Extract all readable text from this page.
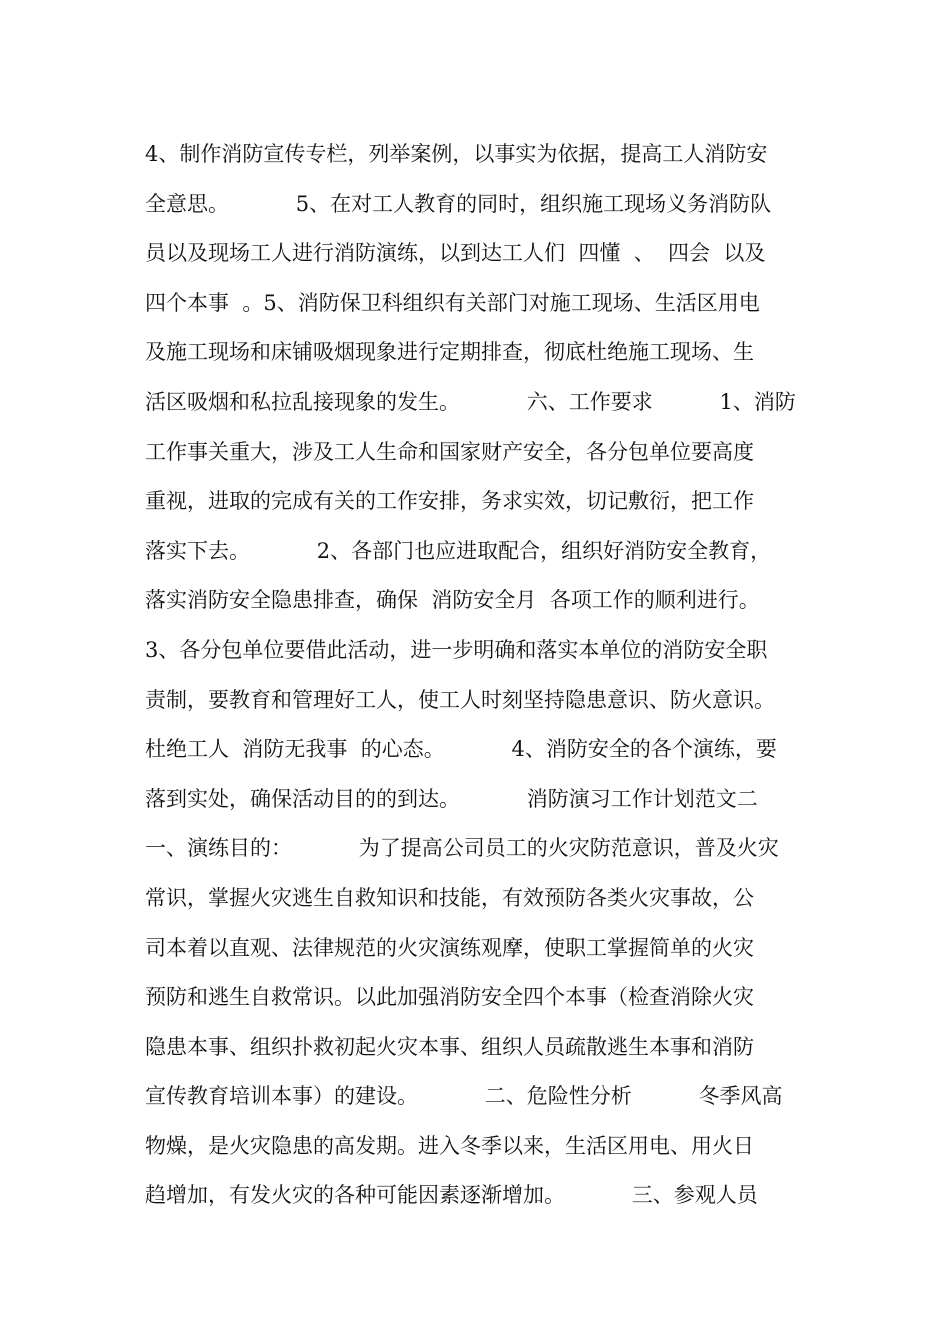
4、制作消防宣传专栏，列举案例，以事实为依据，提高工人消防安
全意思。          5、在对工人教育的同时，组织施工现场义务消防队
员以及现场工人进行消防演练，以到达工人们  四懂  、  四会  以及
四个本事  。5、消防保卫科组织有关部门对施工现场、生活区用电
及施工现场和床铺吸烟现象进行定期排查，彻底杜绝施工现场、生
活区吸烟和私拉乱接现象的发生。          六、工作要求          1、消防
工作事关重大，涉及工人生命和国家财产安全，各分包单位要高度
重视，进取的完成有关的工作安排，务求实效，切记敷衍，把工作
落实下去。          2、各部门也应进取配合，组织好消防安全教育，
落实消防安全隐患排查，确保  消防安全月  各项工作的顺利进行。
3、各分包单位要借此活动，进一步明确和落实本单位的消防安全职
责制，要教育和管理好工人，使工人时刻坚持隐患意识、防火意识。
杜绝工人  消防无我事  的心态。          4、消防安全的各个演练，要
落到实处，确保活动目的的到达。          消防演习工作计划范文二
一、演练目的：          为了提高公司员工的火灾防范意识，普及火灾
常识，掌握火灾逃生自救知识和技能，有效预防各类火灾事故，公
司本着以直观、法律规范的火灾演练观摩，使职工掌握简单的火灾
预防和逃生自救常识。以此加强消防安全四个本事（检查消除火灾
隐患本事、组织扑救初起火灾本事、组织人员疏散逃生本事和消防
宣传教育培训本事）的建设。          二、危险性分析          冬季风高
物燥，是火灾隐患的高发期。进入冬季以来，生活区用电、用火日
趋增加，有发火灾的各种可能因素逐渐增加。          三、参观人员
